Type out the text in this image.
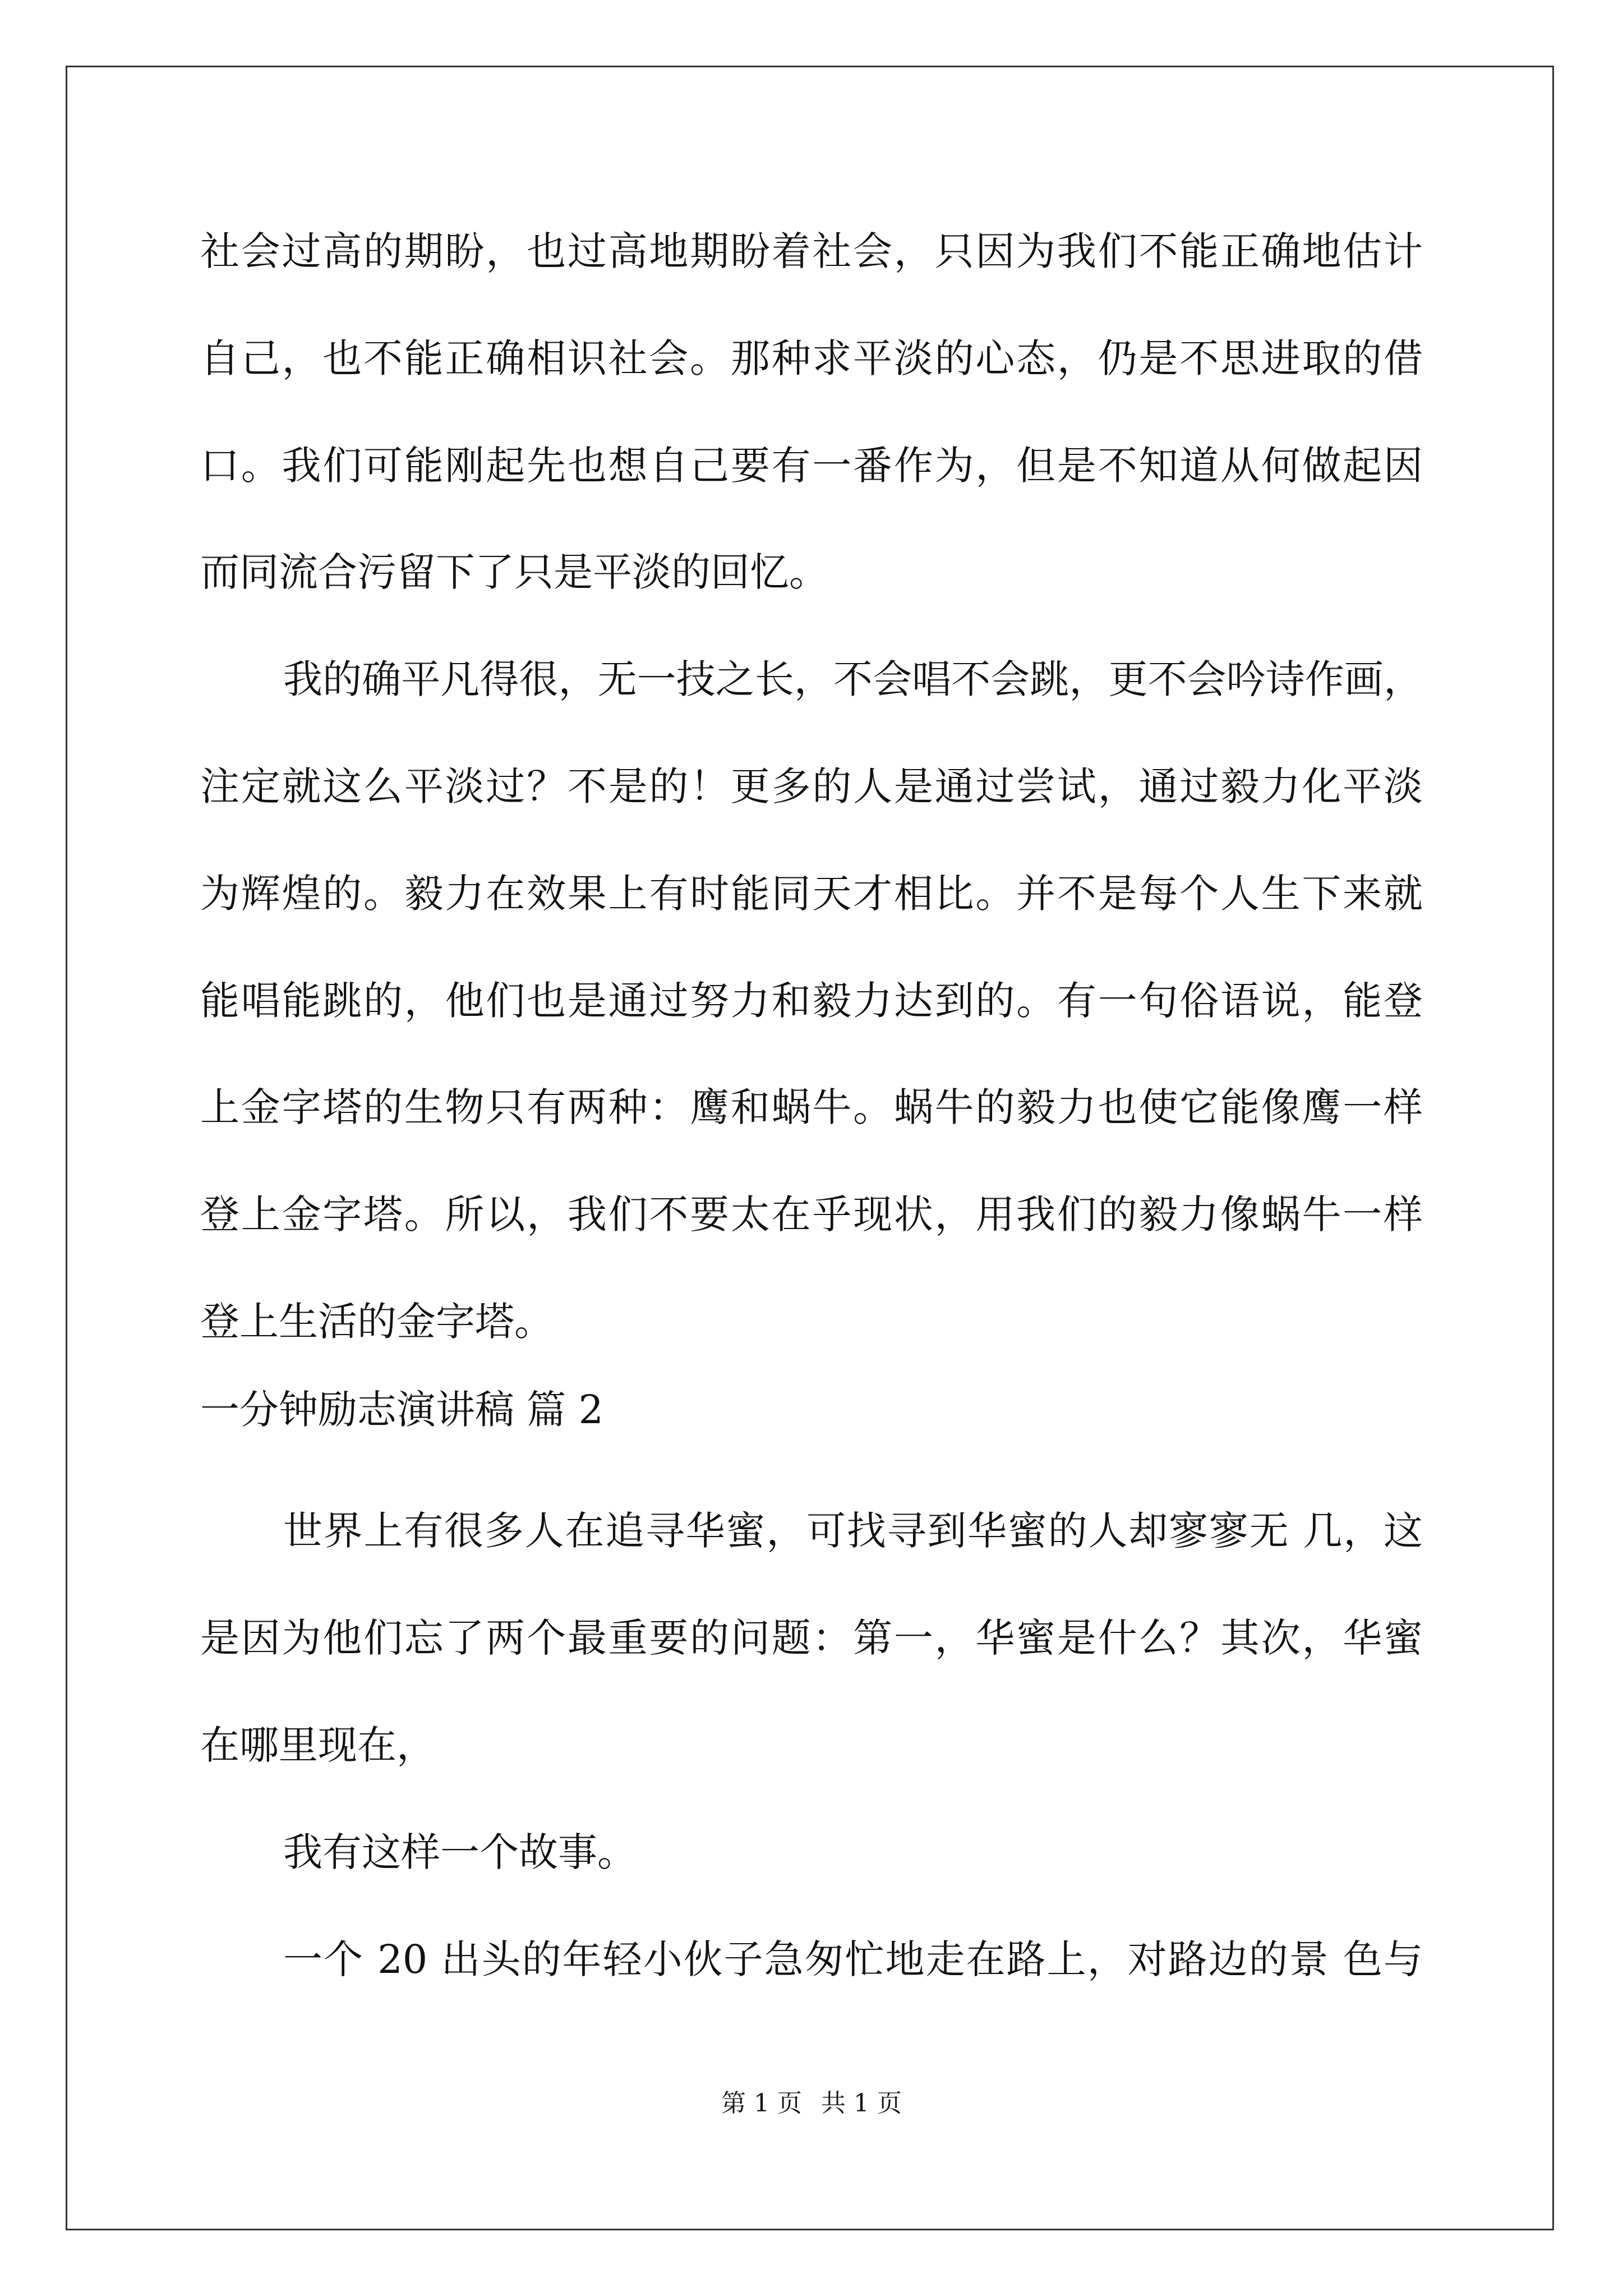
社会过高的期盼，也过高地期盼着社会，只因为我们不能正确地估计
自己，也不能正确相识社会。那种求平淡的心态，仍是不思进取的借
口。我们可能刚起先也想自己要有一番作为，但是不知道从何做起因
而同流合污留下了只是平淡的回忆。
我的确平凡得很，无一技之长，不会唱不会跳，更不会吟诗作画，
注定就这么平淡过？不是的！更多的人是通过尝试，通过毅力化平淡
为辉煌的。毅力在效果上有时能同天才相比。并不是每个人生下来就
能唱能跳的，他们也是通过努力和毅力达到的。有一句俗语说，能登
上金字塔的生物只有两种：鹰和蜗牛。蜗牛的毅力也使它能像鹰一样
登上金字塔。所以，我们不要太在乎现状，用我们的毅力像蜗牛一样
登上生活的金字塔。
一分钟励志演讲稿 篇 2
世界上有很多人在追寻华蜜，可找寻到华蜜的人却寥寥无 几，这
是因为他们忘了两个最重要的问题：第一，华蜜是什么？其次，华蜜
在哪里现在，
我有这样一个故事。
一个 20 出头的年轻小伙子急匆忙地走在路上，对路边的景 色与
第 1 页 共 1 页
